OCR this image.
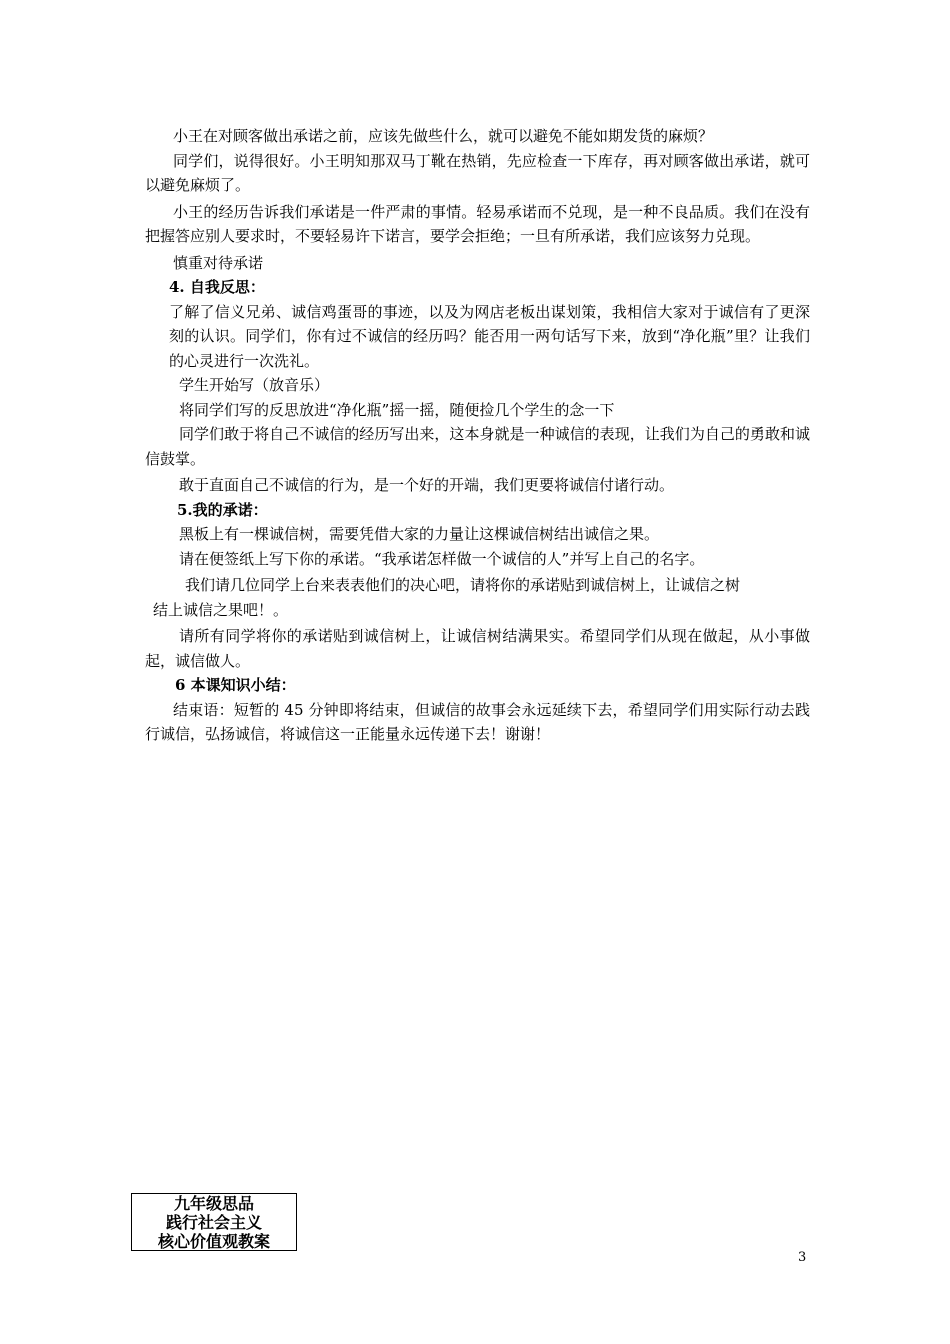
小王在对顾客做出承诺之前，应该先做些什么，就可以避免不能如期发货的麻烦？

同学们，说得很好。小王明知那双马丁靴在热销，先应检查一下库存，再对顾客做出承诺，就可以避免麻烦了。

小王的经历告诉我们承诺是一件严肃的事情。轻易承诺而不兑现，是一种不良品质。我们在没有把握答应别人要求时，不要轻易许下诺言，要学会拒绝；一旦有所承诺，我们应该努力兑现。

慎重对待承诺

4. 自我反思：

了解了信义兄弟、诚信鸡蛋哥的事迹，以及为网店老板出谋划策，我相信大家对于诚信有了更深刻的认识。同学们，你有过不诚信的经历吗？能否用一两句话写下来，放到“净化瓶”里？让我们的心灵进行一次洗礼。

学生开始写（放音乐）

将同学们写的反思放进“净化瓶”摇一摇，随便捡几个学生的念一下

同学们敢于将自己不诚信的经历写出来，这本身就是一种诚信的表现，让我们为自己的勇敢和诚信鼓掌。

敢于直面自己不诚信的行为，是一个好的开端，我们更要将诚信付诸行动。

5.我的承诺：

黑板上有一棵诚信树，需要凭借大家的力量让这棵诚信树结出诚信之果。

请在便签纸上写下你的承诺。“我承诺怎样做一个诚信的人”并写上自己的名字。

我们请几位同学上台来表表他们的决心吧，请将你的承诺贴到诚信树上，让诚信之树

结上诚信之果吧！。

请所有同学将你的承诺贴到诚信树上，让诚信树结满果实。希望同学们从现在做起，从小事做起，诚信做人。

6 本课知识小结：

结束语：短暂的 45 分钟即将结束，但诚信的故事会永远延续下去，希望同学们用实际行动去践行诚信，弘扬诚信，将诚信这一正能量永远传递下去！谢谢！

九年级思品
践行社会主义
核心价值观教案
3
